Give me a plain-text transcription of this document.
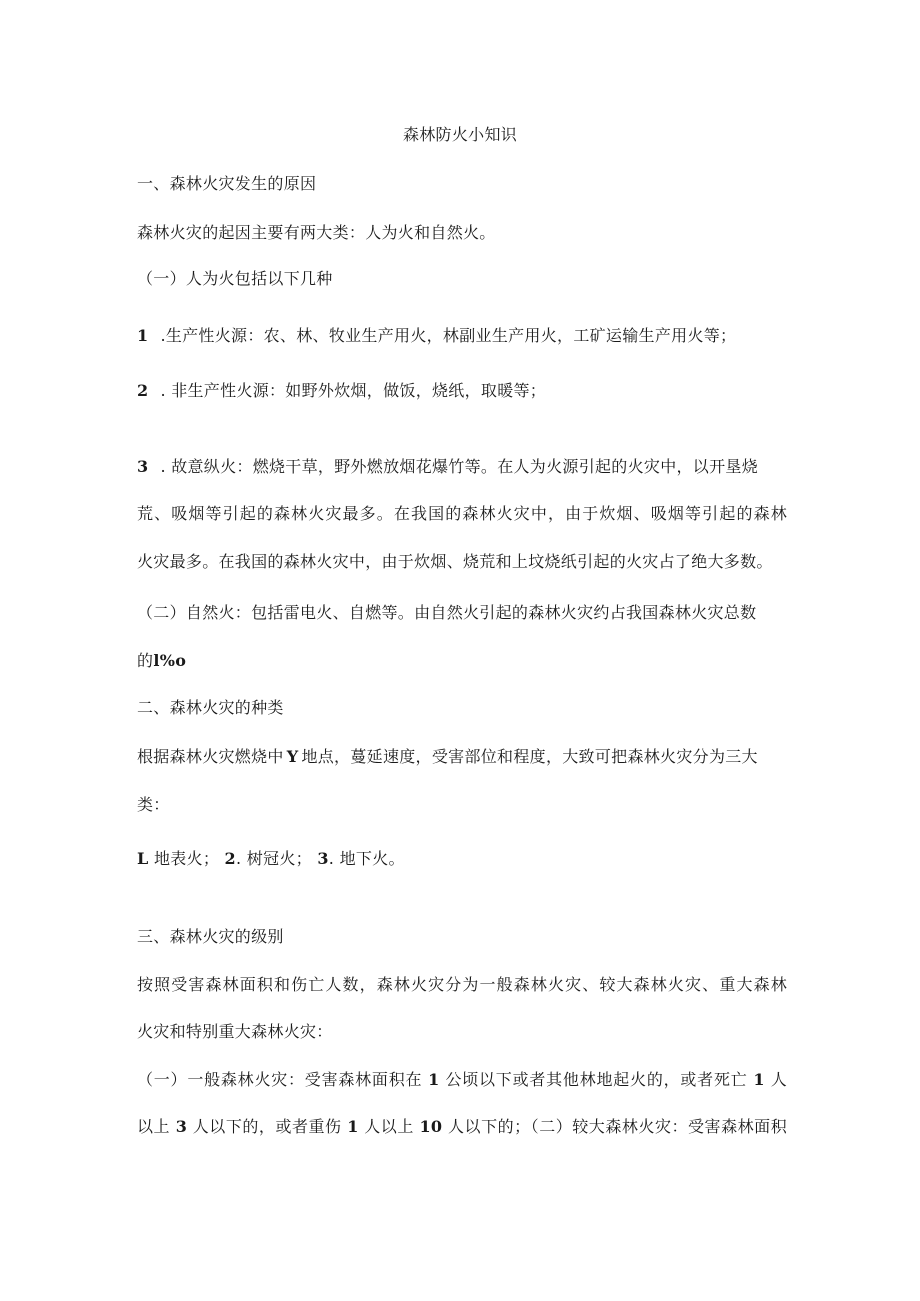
森林防火小知识
一、森林火灾发生的原因
森林火灾的起因主要有两大类：人为火和自然火。
（一）人为火包括以下几种
1 .生产性火源：农、林、牧业生产用火，林副业生产用火，工矿运输生产用火等；
2 . 非生产性火源：如野外炊烟，做饭，烧纸，取暖等；
3 . 故意纵火：燃烧干草，野外燃放烟花爆竹等。在人为火源引起的火灾中，以开垦烧
荒、吸烟等引起的森林火灾最多。在我国的森林火灾中，由于炊烟、吸烟等引起的森林
火灾最多。在我国的森林火灾中，由于炊烟、烧荒和上坟烧纸引起的火灾占了绝大多数。
（二）自然火：包括雷电火、自燃等。由自然火引起的森林火灾约占我国森林火灾总数
的l%o
二、森林火灾的种类
根据森林火灾燃烧中 Y 地点，蔓延速度，受害部位和程度，大致可把森林火灾分为三大
类：
L 地表火； 2. 树冠火； 3. 地下火。
三、森林火灾的级别
按照受害森林面积和伤亡人数，森林火灾分为一般森林火灾、较大森林火灾、重大森林
火灾和特别重大森林火灾：
（一）一般森林火灾：受害森林面积在 1 公顷以下或者其他林地起火的，或者死亡 1 人
以上 3 人以下的，或者重伤 1 人以上 10 人以下的；（二）较大森林火灾：受害森林面积
